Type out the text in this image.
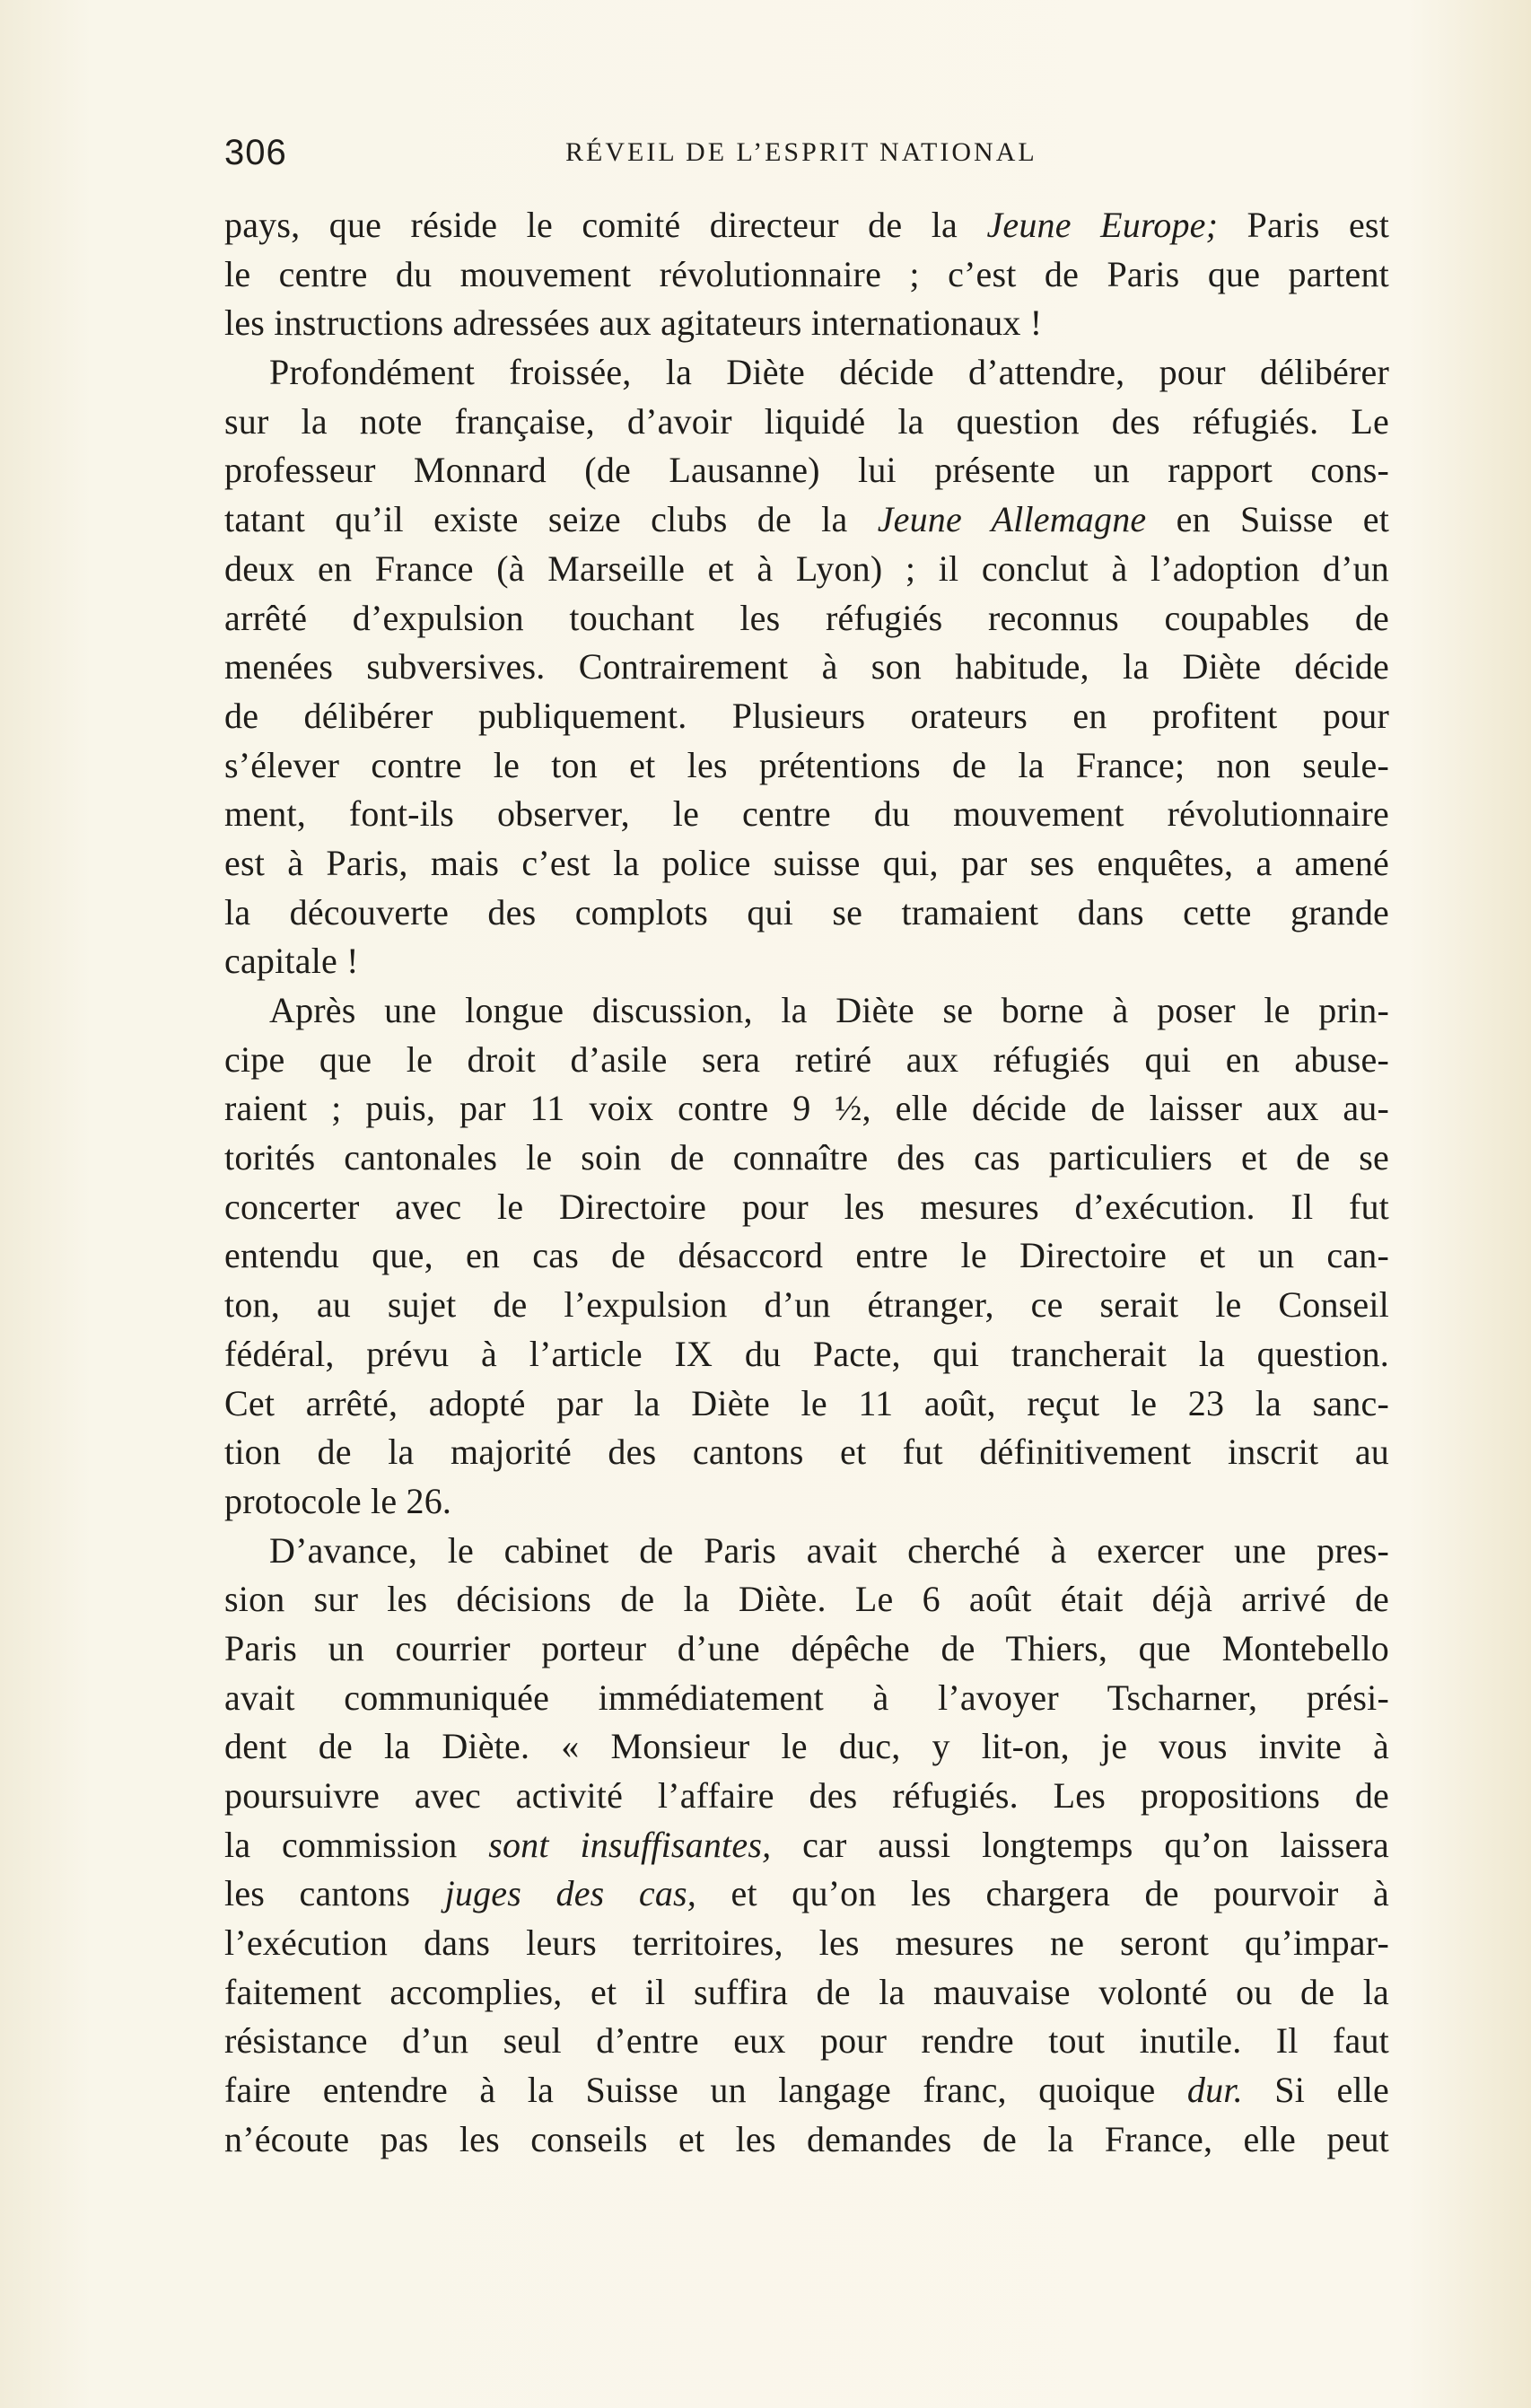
306	RÉVEIL DE L’ESPRIT NATIONAL
pays, que réside le comité directeur de la Jeune Europe; Paris est
le centre du mouvement révolutionnaire ; c’est de Paris que partent
les instructions adressées aux agitateurs internationaux !
Profondément froissée, la Diète décide d’attendre, pour délibérer
sur la note française, d’avoir liquidé la question des réfugiés. Le
professeur Monnard (de Lausanne) lui présente un rapport cons-
tatant qu’il existe seize clubs de la Jeune Allemagne en Suisse et
deux en France (à Marseille et à Lyon) ; il conclut à l’adoption d’un
arrêté d’expulsion touchant les réfugiés reconnus coupables de
menées subversives. Contrairement à son habitude, la Diète décide
de délibérer publiquement. Plusieurs orateurs en profitent pour
s’élever contre le ton et les prétentions de la France; non seule-
ment, font-ils observer, le centre du mouvement révolutionnaire
est à Paris, mais c’est la police suisse qui, par ses enquêtes, a amené
la découverte des complots qui se tramaient dans cette grande
capitale !
Après une longue discussion, la Diète se borne à poser le prin-
cipe que le droit d’asile sera retiré aux réfugiés qui en abuse-
raient ; puis, par 11 voix contre 9 ½, elle décide de laisser aux au-
torités cantonales le soin de connaître des cas particuliers et de se
concerter avec le Directoire pour les mesures d’exécution. Il fut
entendu que, en cas de désaccord entre le Directoire et un can-
ton, au sujet de l’expulsion d’un étranger, ce serait le Conseil
fédéral, prévu à l’article IX du Pacte, qui trancherait la question.
Cet arrêté, adopté par la Diète le 11 août, reçut le 23 la sanc-
tion de la majorité des cantons et fut définitivement inscrit au
protocole le 26.
D’avance, le cabinet de Paris avait cherché à exercer une pres-
sion sur les décisions de la Diète. Le 6 août était déjà arrivé de
Paris un courrier porteur d’une dépêche de Thiers, que Montebello
avait communiquée immédiatement à l’avoyer Tscharner, prési-
dent de la Diète. « Monsieur le duc, y lit-on, je vous invite à
poursuivre avec activité l’affaire des réfugiés. Les propositions de
la commission sont insuffisantes, car aussi longtemps qu’on laissera
les cantons juges des cas, et qu’on les chargera de pourvoir à
l’exécution dans leurs territoires, les mesures ne seront qu’impar-
faitement accomplies, et il suffira de la mauvaise volonté ou de la
résistance d’un seul d’entre eux pour rendre tout inutile. Il faut
faire entendre à la Suisse un langage franc, quoique dur. Si elle
n’écoute pas les conseils et les demandes de la France, elle peut
